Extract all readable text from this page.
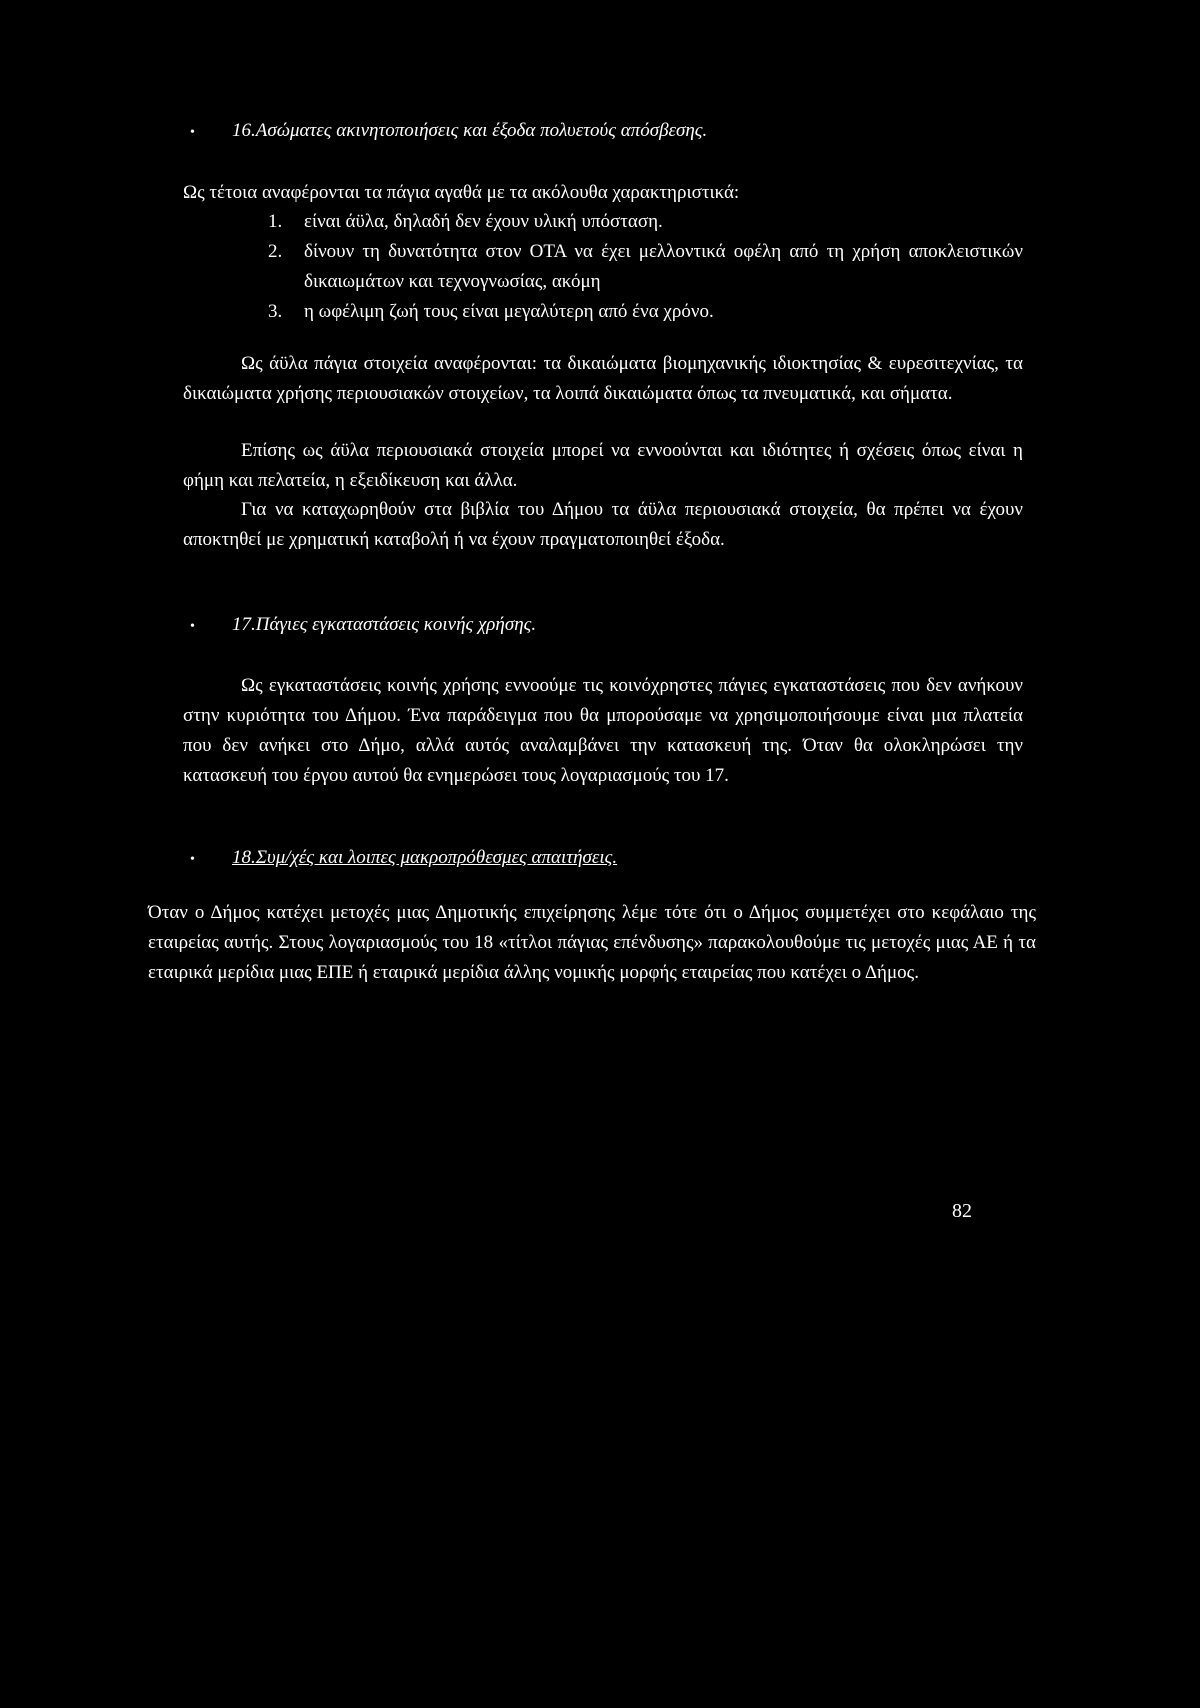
•	16.Ασώματες ακινητοποιήσεις και έξοδα πολυετούς απόσβεσης.

Ως τέτοια αναφέρονται τα πάγια αγαθά με τα ακόλουθα χαρακτηριστικά:

1.	είναι άϋλα, δηλαδή δεν έχουν υλική υπόσταση.
2.	δίνουν τη δυνατότητα στον ΟΤΑ να έχει μελλοντικά οφέλη από τη χρήση αποκλειστικών δικαιωμάτων και τεχνογνωσίας, ακόμη
3.	η ωφέλιμη ζωή τους είναι μεγαλύτερη από ένα χρόνο.

Ως άϋλα πάγια στοιχεία αναφέρονται: τα δικαιώματα βιομηχανικής ιδιοκτησίας & ευρεσιτεχνίας, τα δικαιώματα χρήσης περιουσιακών στοιχείων, τα λοιπά δικαιώματα όπως τα πνευματικά, και σήματα.

Επίσης ως άϋλα περιουσιακά στοιχεία μπορεί να εννοούνται και ιδιότητες ή σχέσεις όπως είναι η φήμη και πελατεία, η εξειδίκευση και άλλα.

Για να καταχωρηθούν στα βιβλία του Δήμου τα άϋλα περιουσιακά στοιχεία, θα πρέπει να έχουν αποκτηθεί με χρηματική καταβολή ή να έχουν πραγματοποιηθεί έξοδα.

•	17.Πάγιες εγκαταστάσεις κοινής χρήσης.

Ως εγκαταστάσεις κοινής χρήσης εννοούμε τις κοινόχρηστες πάγιες εγκαταστάσεις που δεν ανήκουν στην κυριότητα του Δήμου. Ένα παράδειγμα που θα μπορούσαμε να χρησιμοποιήσουμε είναι μια πλατεία που δεν ανήκει στο Δήμο, αλλά αυτός αναλαμβάνει την κατασκευή της. Όταν θα ολοκληρώσει την κατασκευή του έργου αυτού θα ενημερώσει τους λογαριασμούς του 17.

•	18.Συμ/χές και λοιπες μακροπρόθεσμες απαιτήσεις.

Όταν ο Δήμος κατέχει μετοχές μιας Δημοτικής επιχείρησης λέμε τότε ότι ο Δήμος συμμετέχει στο κεφάλαιο της εταιρείας αυτής. Στους λογαριασμούς του 18 «τίτλοι πάγιας επένδυσης» παρακολουθούμε τις μετοχές μιας ΑΕ ή τα εταιρικά μερίδια μιας ΕΠΕ ή εταιρικά μερίδια άλλης νομικής μορφής εταιρείας που κατέχει ο Δήμος.

82
